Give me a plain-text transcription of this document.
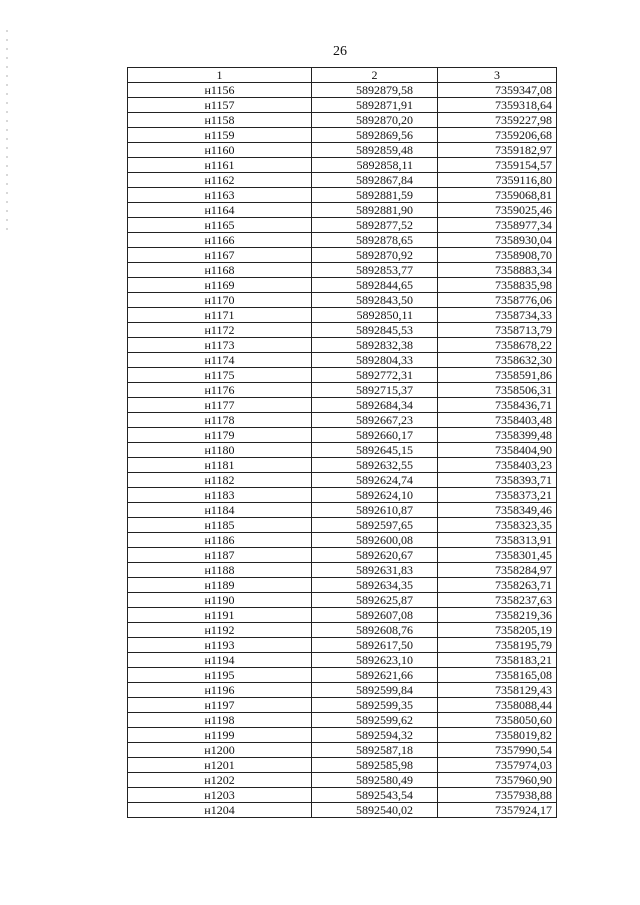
26
1	2	3
н1156	5892879,58	7359347,08
н1157	5892871,91	7359318,64
н1158	5892870,20	7359227,98
н1159	5892869,56	7359206,68
н1160	5892859,48	7359182,97
н1161	5892858,11	7359154,57
н1162	5892867,84	7359116,80
н1163	5892881,59	7359068,81
н1164	5892881,90	7359025,46
н1165	5892877,52	7358977,34
н1166	5892878,65	7358930,04
н1167	5892870,92	7358908,70
н1168	5892853,77	7358883,34
н1169	5892844,65	7358835,98
н1170	5892843,50	7358776,06
н1171	5892850,11	7358734,33
н1172	5892845,53	7358713,79
н1173	5892832,38	7358678,22
н1174	5892804,33	7358632,30
н1175	5892772,31	7358591,86
н1176	5892715,37	7358506,31
н1177	5892684,34	7358436,71
н1178	5892667,23	7358403,48
н1179	5892660,17	7358399,48
н1180	5892645,15	7358404,90
н1181	5892632,55	7358403,23
н1182	5892624,74	7358393,71
н1183	5892624,10	7358373,21
н1184	5892610,87	7358349,46
н1185	5892597,65	7358323,35
н1186	5892600,08	7358313,91
н1187	5892620,67	7358301,45
н1188	5892631,83	7358284,97
н1189	5892634,35	7358263,71
н1190	5892625,87	7358237,63
н1191	5892607,08	7358219,36
н1192	5892608,76	7358205,19
н1193	5892617,50	7358195,79
н1194	5892623,10	7358183,21
н1195	5892621,66	7358165,08
н1196	5892599,84	7358129,43
н1197	5892599,35	7358088,44
н1198	5892599,62	7358050,60
н1199	5892594,32	7358019,82
н1200	5892587,18	7357990,54
н1201	5892585,98	7357974,03
н1202	5892580,49	7357960,90
н1203	5892543,54	7357938,88
н1204	5892540,02	7357924,17
